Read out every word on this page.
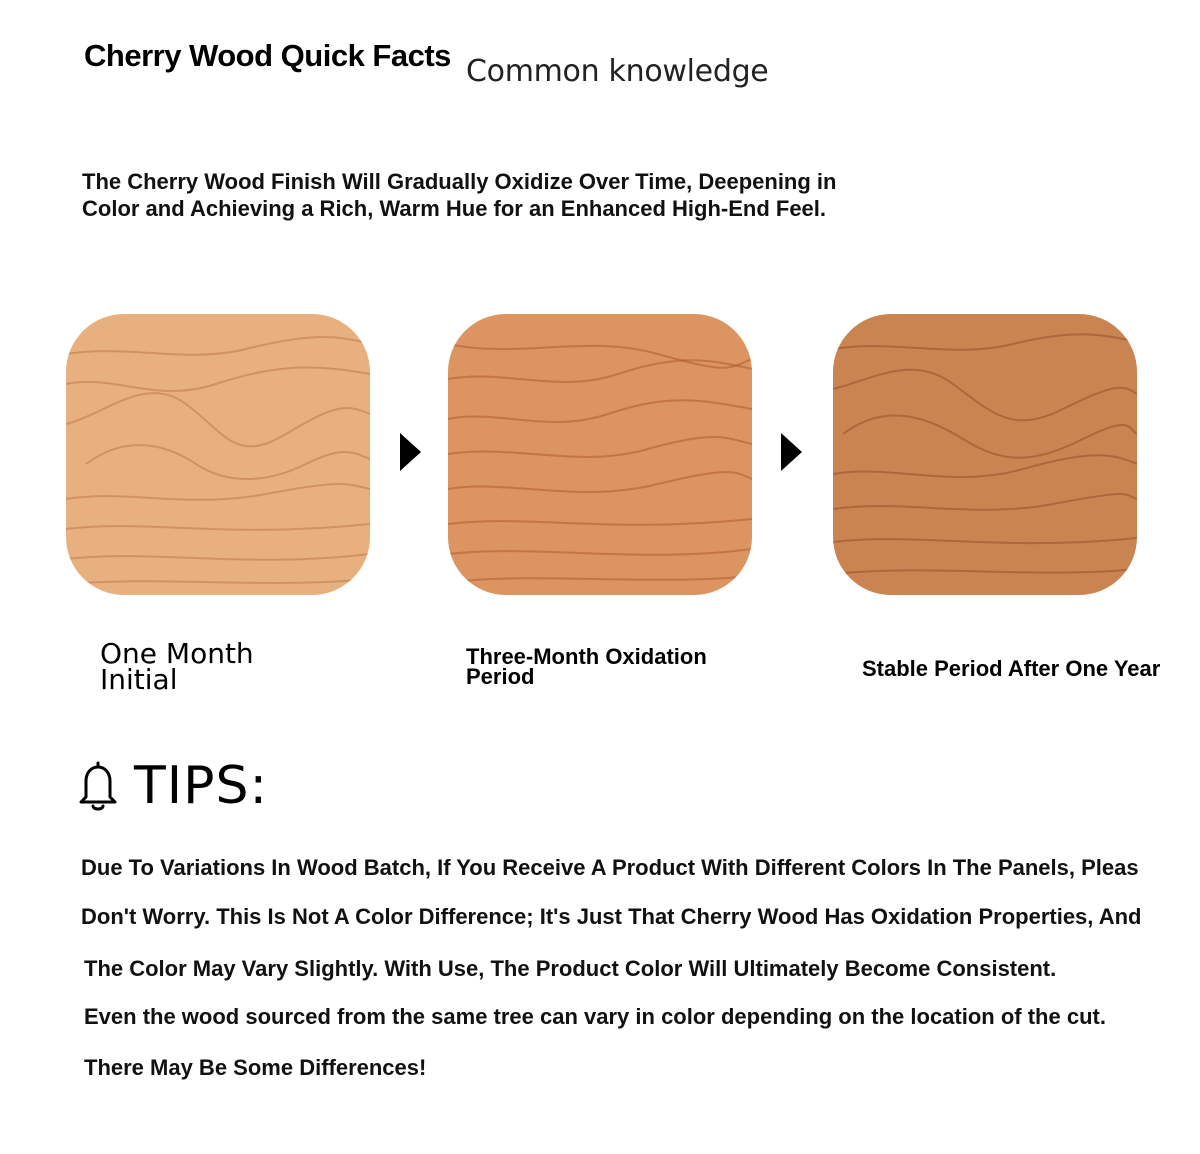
Cherry Wood Quick Facts Common knowledge
The Cherry Wood Finish Will Gradually Oxidize Over Time, Deepening in
Color and Achieving a Rich, Warm Hue for an Enhanced High-End Feel.
One Month
Initial
Three-Month Oxidation
Period	Stable Period After One Year
TIPS:
Due To Variations In Wood Batch, If You Receive A Product With Different Colors In The Panels, Pleas
Don't Worry. This Is Not A Color Difference; It's Just That Cherry Wood Has Oxidation Properties, And
The Color May Vary Slightly. With Use, The Product Color Will Ultimately Become Consistent.
Even the wood sourced from the same tree can vary in color depending on the location of the cut.
There May Be Some Differences!
